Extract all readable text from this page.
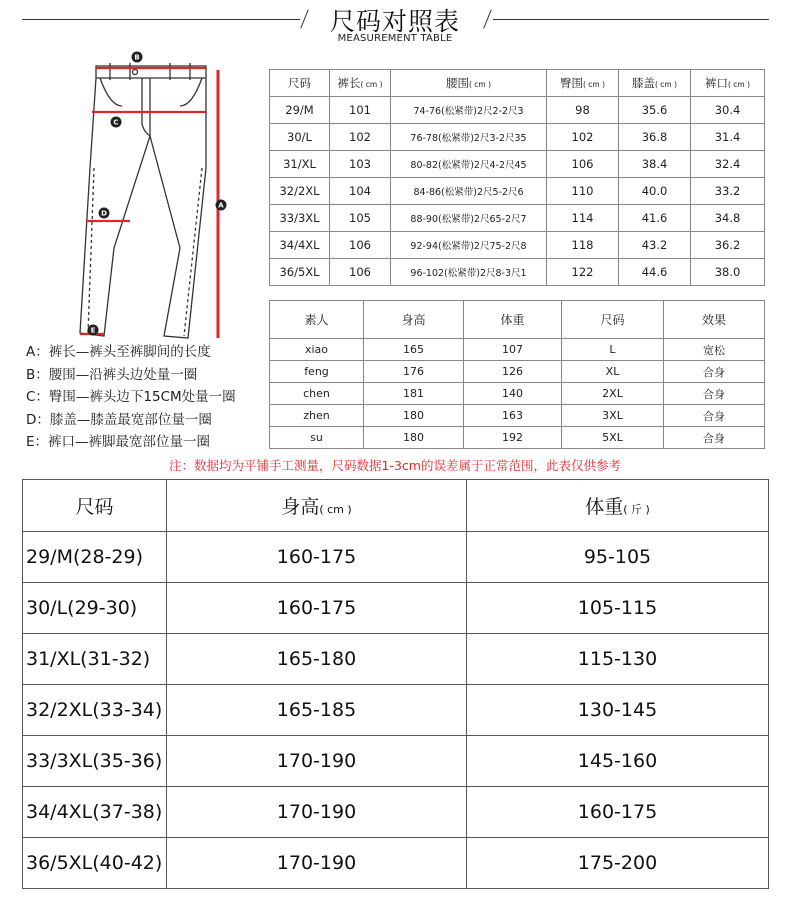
尺码对照表
MEASUREMENT TABLE
B
C
D
A
E
尺码	裤长( cm )	腰围( cm )	臀围( cm )	膝盖( cm )	裤口( cm )
29/M	101	74-76(松紧带)2尺2-2尺3	98	35.6	30.4
30/L	102	76-78(松紧带)2尺3-2尺35	102	36.8	31.4
31/XL	103	80-82(松紧带)2尺4-2尺45	106	38.4	32.4
32/2XL	104	84-86(松紧带)2尺5-2尺6	110	40.0	33.2
33/3XL	105	88-90(松紧带)2尺65-2尺7	114	41.6	34.8
34/4XL	106	92-94(松紧带)2尺75-2尺8	118	43.2	36.2
36/5XL	106	96-102(松紧带)2尺8-3尺1	122	44.6	38.0
素人	身高	体重	尺码	效果
xiao	165	107	L	宽松
feng	176	126	XL	合身
chen	181	140	2XL	合身
zhen	180	163	3XL	合身
su	180	192	5XL	合身
A：裤长—裤头至裤脚间的长度
B：腰围—沿裤头边处量一圈
C：臀围—裤头边下15CM处量一圈
D：膝盖—膝盖最宽部位量一圈
E：裤口—裤脚最宽部位量一圈
注：数据均为平铺手工测量，尺码数据1-3cm的误差属于正常范围，此表仅供参考
尺码	身高( cm )	体重( 斤 )
29/M(28-29)	160-175	95-105
30/L(29-30)	160-175	105-115
31/XL(31-32)	165-180	115-130
32/2XL(33-34)	165-185	130-145
33/3XL(35-36)	170-190	145-160
34/4XL(37-38)	170-190	160-175
36/5XL(40-42)	170-190	175-200
